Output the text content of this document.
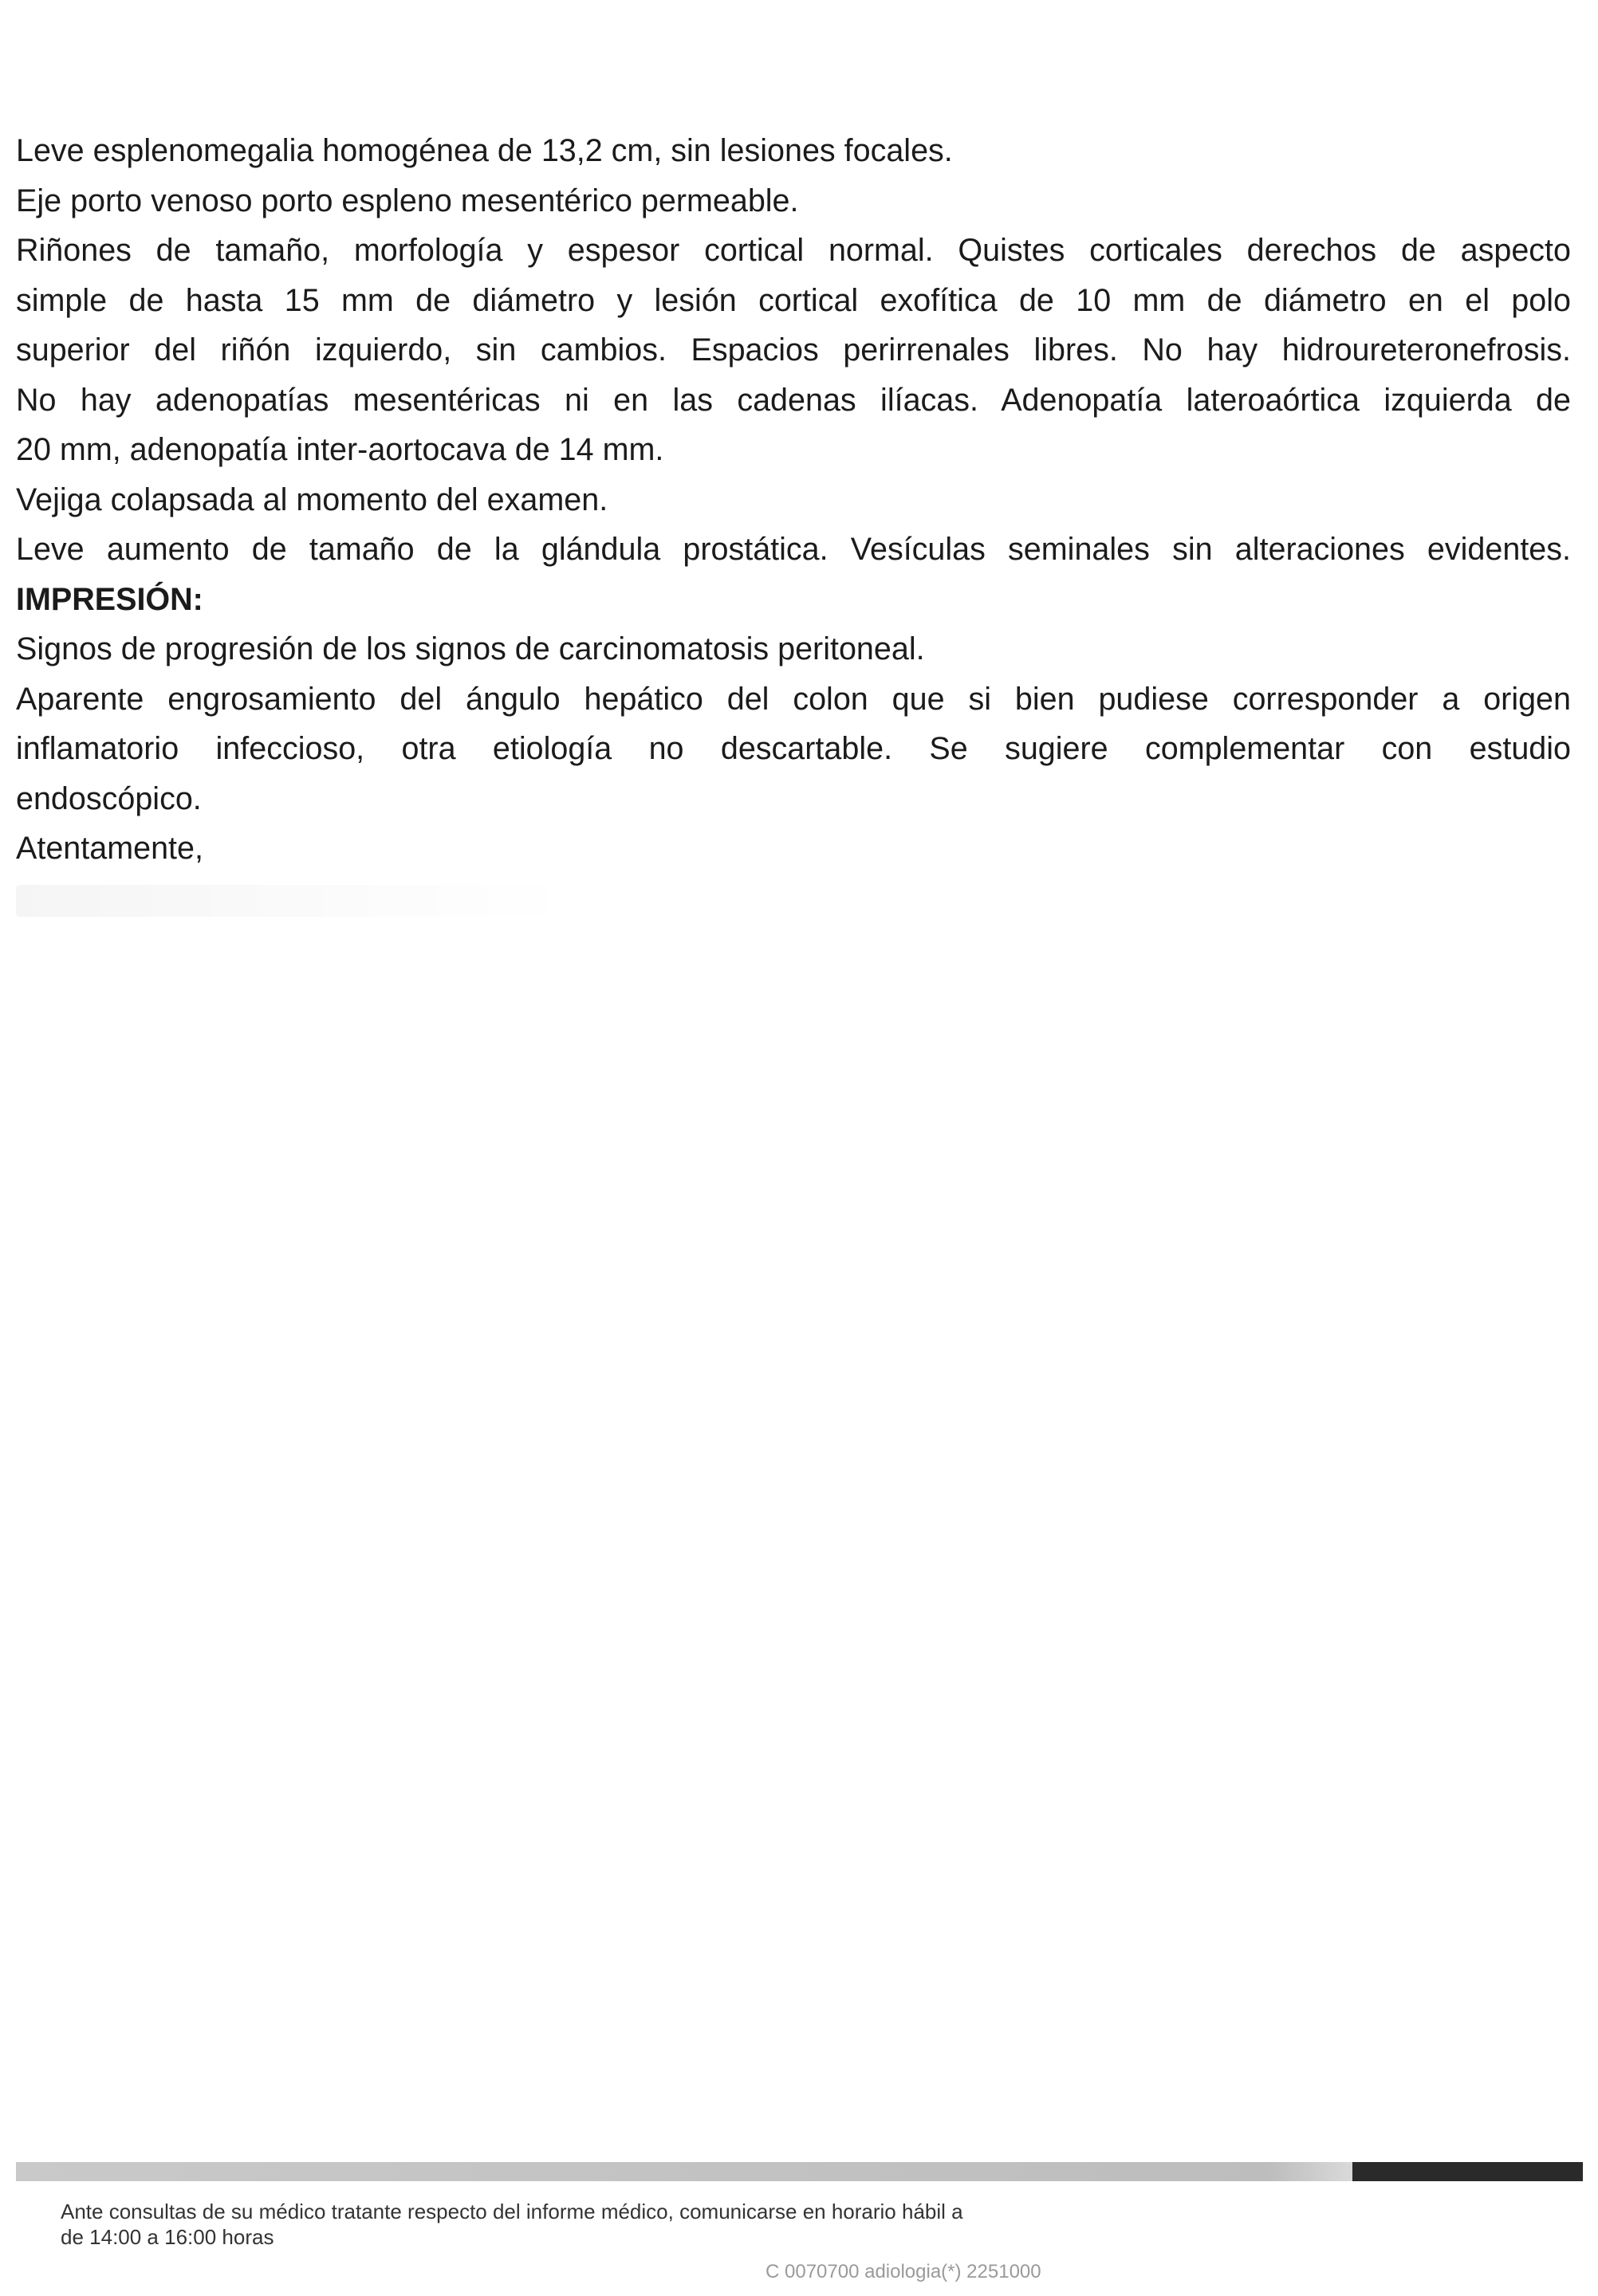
Leve esplenomegalia homogénea de 13,2 cm, sin lesiones focales.

Eje porto venoso porto espleno mesentérico permeable.

Riñones de tamaño, morfología y espesor cortical normal. Quistes corticales derechos de aspecto

simple de hasta 15 mm de diámetro y lesión cortical exofítica de 10 mm de diámetro en el polo

superior del riñón izquierdo, sin cambios. Espacios perirrenales libres. No hay hidroureteronefrosis.

No hay adenopatías mesentéricas ni en las cadenas ilíacas. Adenopatía lateroaórtica izquierda de

20 mm, adenopatía inter-aortocava de 14 mm.

Vejiga colapsada al momento del examen.

Leve aumento de tamaño de la glándula prostática. Vesículas seminales sin alteraciones evidentes.

IMPRESIÓN:

Signos de progresión de los signos de carcinomatosis peritoneal.

Aparente engrosamiento del ángulo hepático del colon que si bien pudiese corresponder a origen

inflamatorio infeccioso, otra etiología no descartable. Se sugiere complementar con estudio

endoscópico.

Atentamente,

Ante consultas de su médico tratante respecto del informe médico, comunicarse en horario hábil a
de 14:00 a 16:00 horas
C 0070700 adiologia(*) 2251000
